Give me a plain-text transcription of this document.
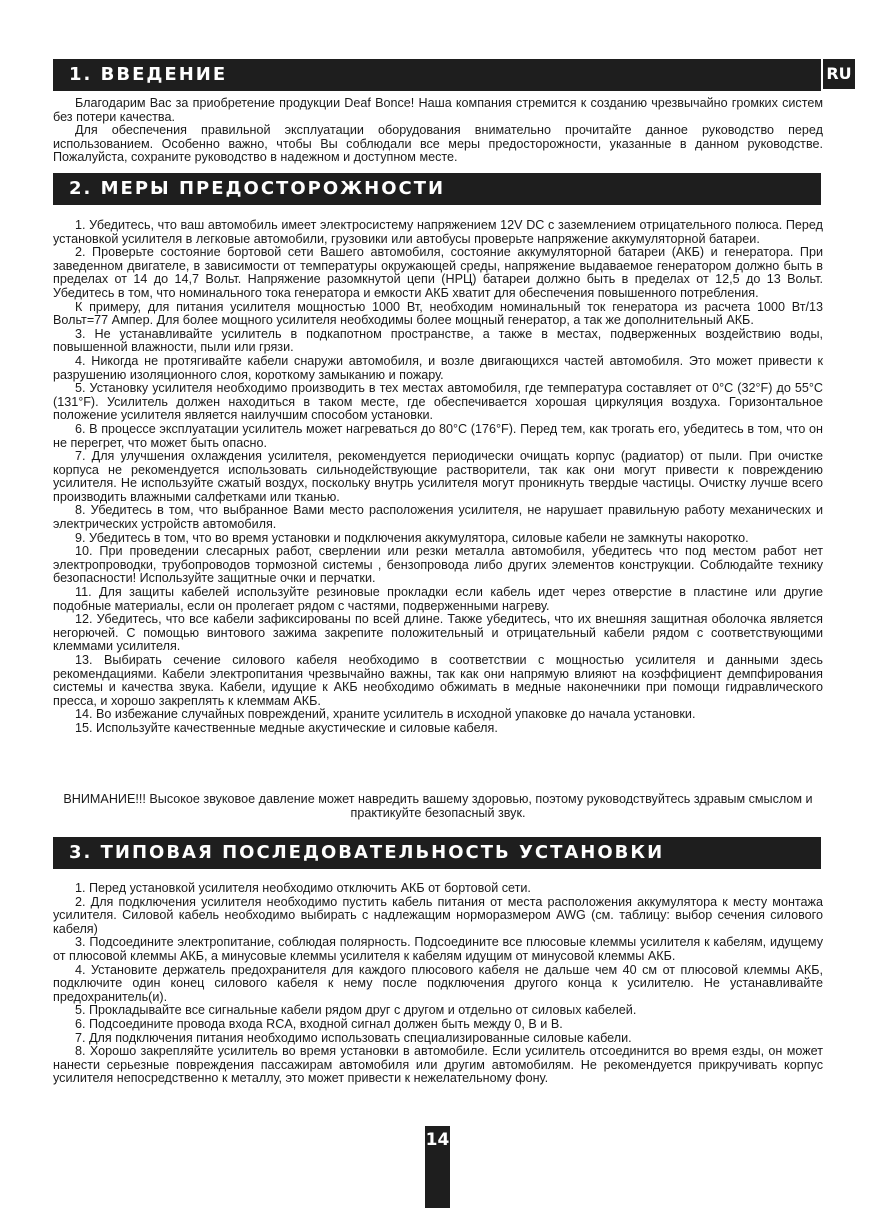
1. ВВЕДЕНИЕ	RU

Благодарим Вас за приобретение продукции Deaf Bonce! Наша компания стремится к созданию чрезвычайно громких систем без потери качества.

Для обеспечения правильной эксплуатации оборудования внимательно прочитайте данное руководство перед использованием. Особенно важно, чтобы Вы соблюдали все меры предосторожности, указанные в данном руководстве. Пожалуйста, сохраните руководство в надежном и доступном месте.

2. МЕРЫ ПРЕДОСТОРОЖНОСТИ

1. Убедитесь, что ваш автомобиль имеет электросистему напряжением 12V DC с заземлением отрицательного полюса. Перед установкой усилителя в легковые автомобили, грузовики или автобусы проверьте напряжение аккумуляторной батареи.

2. Проверьте состояние бортовой сети Вашего автомобиля, состояние аккумуляторной батареи (АКБ) и генератора. При заведенном двигателе, в зависимости от температуры окружающей среды, напряжение выдаваемое генератором должно быть в пределах от 14 до 14,7 Вольт. Напряжение разомкнутой цепи (НРЦ) батареи должно быть в пределах от 12,5 до 13 Вольт. Убедитесь в том, что номинального тока генератора и емкости АКБ хватит для обеспечения повышенного потребления.

К примеру, для питания усилителя мощностью 1000 Вт, необходим номинальный ток генератора из расчета 1000 Вт/13 Вольт=77 Ампер. Для более мощного усилителя необходимы более мощный генератор, а так же дополнительный АКБ.

3. Не устанавливайте усилитель в подкапотном пространстве, а также в местах, подверженных воздействию воды, повышенной влажности, пыли или грязи.

4. Никогда не протягивайте кабели снаружи автомобиля, и возле двигающихся частей автомобиля. Это может привести к разрушению изоляционного слоя, короткому замыканию и пожару.

5. Установку усилителя необходимо производить в тех местах автомобиля, где температура составляет от 0°C (32°F) до 55°C (131°F). Усилитель должен находиться в таком месте, где обеспечивается хорошая циркуляция воздуха. Горизонтальное положение усилителя является наилучшим способом установки.

6. В процессе эксплуатации усилитель может нагреваться до 80°C (176°F). Перед тем, как трогать его, убедитесь в том, что он не перегрет, что может быть опасно.

7. Для улучшения охлаждения усилителя, рекомендуется периодически очищать корпус (радиатор) от пыли. При очистке корпуса не рекомендуется использовать сильнодействующие растворители, так как они могут привести к повреждению усилителя. Не используйте сжатый воздух, поскольку внутрь усилителя могут проникнуть твердые частицы. Очистку лучше всего производить влажными салфетками или тканью.

8. Убедитесь в том, что выбранное Вами место расположения усилителя, не нарушает правильную работу механических и электрических устройств автомобиля.

9. Убедитесь в том, что во время установки и подключения аккумулятора, силовые кабели не замкнуты накоротко.

10. При проведении слесарных работ, сверлении или резки металла автомобиля, убедитесь что под местом работ нет электропроводки, трубопроводов тормозной системы , бензопровода либо других элементов конструкции. Соблюдайте технику безопасности! Используйте защитные очки и перчатки.

11. Для защиты кабелей используйте резиновые прокладки если кабель идет через отверстие в пластине или другие подобные материалы, если он пролегает рядом с частями, подверженными нагреву.

12. Убедитесь, что все кабели зафиксированы по всей длине. Также убедитесь, что их внешняя защитная оболочка является негорючей. С помощью винтового зажима закрепите положительный и отрицательный кабели рядом с соответствующими клеммами усилителя.

13. Выбирать сечение силового кабеля необходимо в соответствии с мощностью усилителя и данными здесь рекомендациями. Кабели электропитания чрезвычайно важны, так как они напрямую влияют на коэффициент демпфирования системы и качества звука. Кабели, идущие к АКБ необходимо обжимать в медные наконечники при помощи гидравлического пресса, и хорошо закреплять к клеммам АКБ.

14. Во избежание случайных повреждений, храните усилитель в исходной упаковке до начала установки.

15. Используйте качественные медные акустические и силовые кабеля.

ВНИМАНИЕ!!! Высокое звуковое давление может навредить вашему здоровью, поэтому руководствуйтесь здравым смыслом и практикуйте безопасный звук.
3. ТИПОВАЯ ПОСЛЕДОВАТЕЛЬНОСТЬ УСТАНОВКИ

1. Перед установкой усилителя необходимо отключить АКБ от бортовой сети.

2. Для подключения усилителя необходимо пустить кабель питания от места расположения аккумулятора к месту монтажа усилителя. Силовой кабель необходимо выбирать с надлежащим норморазмером AWG (см. таблицу: выбор сечения силового кабеля)

3. Подсоедините электропитание, соблюдая полярность. Подсоедините все плюсовые клеммы усилителя к кабелям, идущему от плюсовой клеммы АКБ, а минусовые клеммы усилителя к кабелям идущим от минусовой клеммы АКБ.

4. Установите держатель предохранителя для каждого плюсового кабеля не дальше чем 40 см от плюсовой клеммы АКБ, подключите один конец силового кабеля к нему после подключения другого конца к усилителю. Не устанавливайте предохранитель(и).

5. Прокладывайте все сигнальные кабели рядом друг с другом и отдельно от силовых кабелей.

6. Подсоедините провода входа RCA, входной сигнал должен быть между 0, В и В.

7. Для подключения питания необходимо использовать специализированные силовые кабели.

8. Хорошо закрепляйте усилитель во время установки в автомобиле. Если усилитель отсоединится во время езды, он может нанести серьезные повреждения пассажирам автомобиля или другим автомобилям. Не рекомендуется прикручивать корпус усилителя непосредственно к металлу, это может привести к нежелательному фону.

14
